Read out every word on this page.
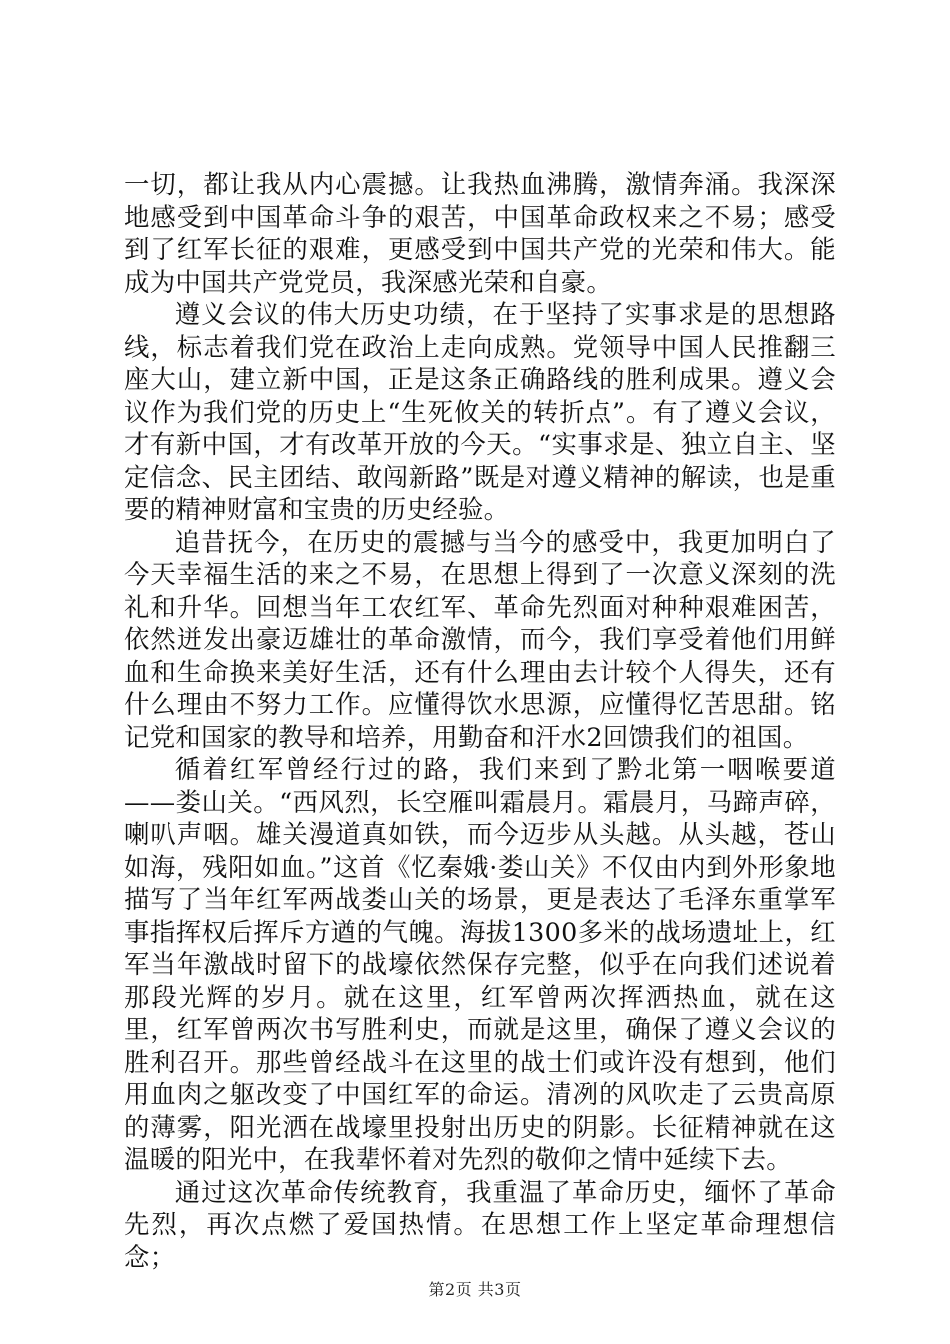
一切，都让我从内心震撼。让我热血沸腾，激情奔涌。我深深地感受到中国革命斗争的艰苦，中国革命政权来之不易；感受到了红军长征的艰难，更感受到中国共产党的光荣和伟大。能成为中国共产党党员，我深感光荣和自豪。

遵义会议的伟大历史功绩，在于坚持了实事求是的思想路线，标志着我们党在政治上走向成熟。党领导中国人民推翻三座大山，建立新中国，正是这条正确路线的胜利成果。遵义会议作为我们党的历史上“生死攸关的转折点”。有了遵义会议，才有新中国，才有改革开放的今天。“实事求是、独立自主、坚定信念、民主团结、敢闯新路”既是对遵义精神的解读，也是重要的精神财富和宝贵的历史经验。

追昔抚今，在历史的震撼与当今的感受中，我更加明白了今天幸福生活的来之不易，在思想上得到了一次意义深刻的洗礼和升华。回想当年工农红军、革命先烈面对种种艰难困苦，依然迸发出豪迈雄壮的革命激情，而今，我们享受着他们用鲜血和生命换来美好生活，还有什么理由去计较个人得失，还有什么理由不努力工作。应懂得饮水思源，应懂得忆苦思甜。铭记党和国家的教导和培养，用勤奋和汗水2回馈我们的祖国。

循着红军曾经行过的路，我们来到了黔北第一咽喉要道——娄山关。“西风烈，长空雁叫霜晨月。霜晨月，马蹄声碎，喇叭声咽。雄关漫道真如铁，而今迈步从头越。从头越，苍山如海，残阳如血。”这首《忆秦娥·娄山关》不仅由内到外形象地描写了当年红军两战娄山关的场景，更是表达了毛泽东重掌军事指挥权后挥斥方遒的气魄。海拔1300多米的战场遗址上，红军当年激战时留下的战壕依然保存完整，似乎在向我们述说着那段光辉的岁月。就在这里，红军曾两次挥洒热血，就在这里，红军曾两次书写胜利史，而就是这里，确保了遵义会议的胜利召开。那些曾经战斗在这里的战士们或许没有想到，他们用血肉之躯改变了中国红军的命运。清冽的风吹走了云贵高原的薄雾，阳光洒在战壕里投射出历史的阴影。长征精神就在这温暖的阳光中，在我辈怀着对先烈的敬仰之情中延续下去。

通过这次革命传统教育，我重温了革命历史，缅怀了革命先烈，再次点燃了爱国热情。在思想工作上坚定革命理想信念；

第2页 共3页
